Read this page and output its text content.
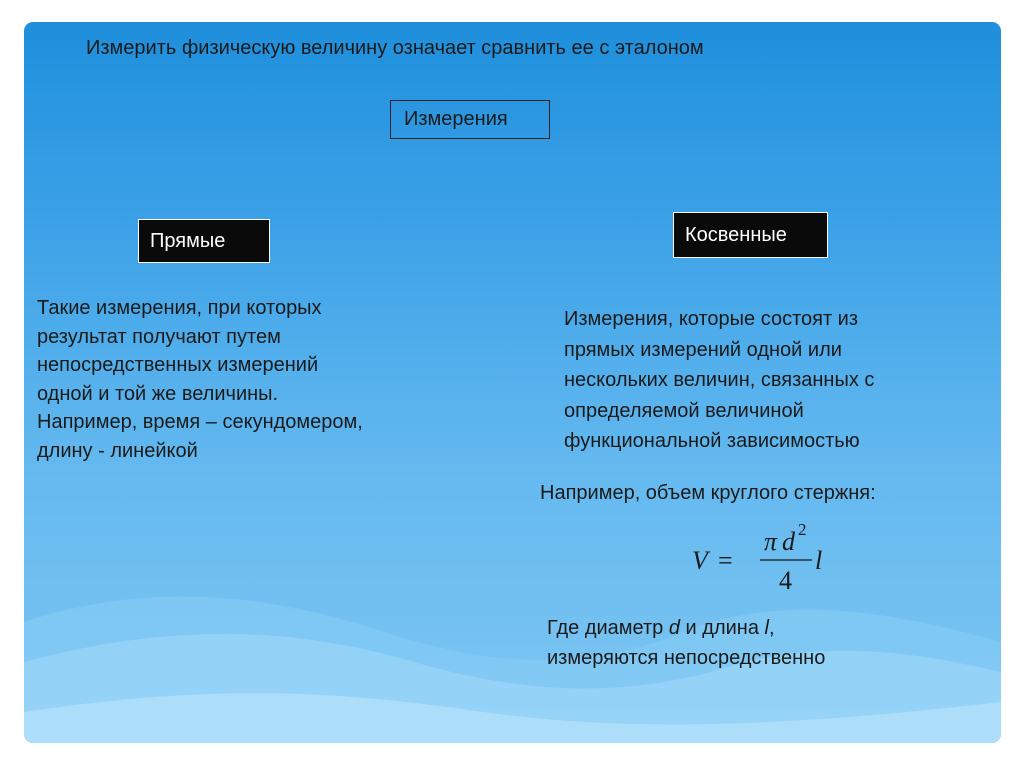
Измерить физическую величину означает сравнить ее с эталоном

Измерения
Прямые	Косвенные
Такие измерения, при которых
результат получают путем
непосредственных измерений
одной и той же величины.
Например, время – секундомером,
длину - линейкой
Измерения, которые состоят из
прямых измерений одной или
нескольких величин, связанных с
определяемой величиной
функциональной зависимостью

Например, объем круглого стержня:

V =
π d 2
4
l
Где диаметр d и длина l,
измеряются непосредственно
